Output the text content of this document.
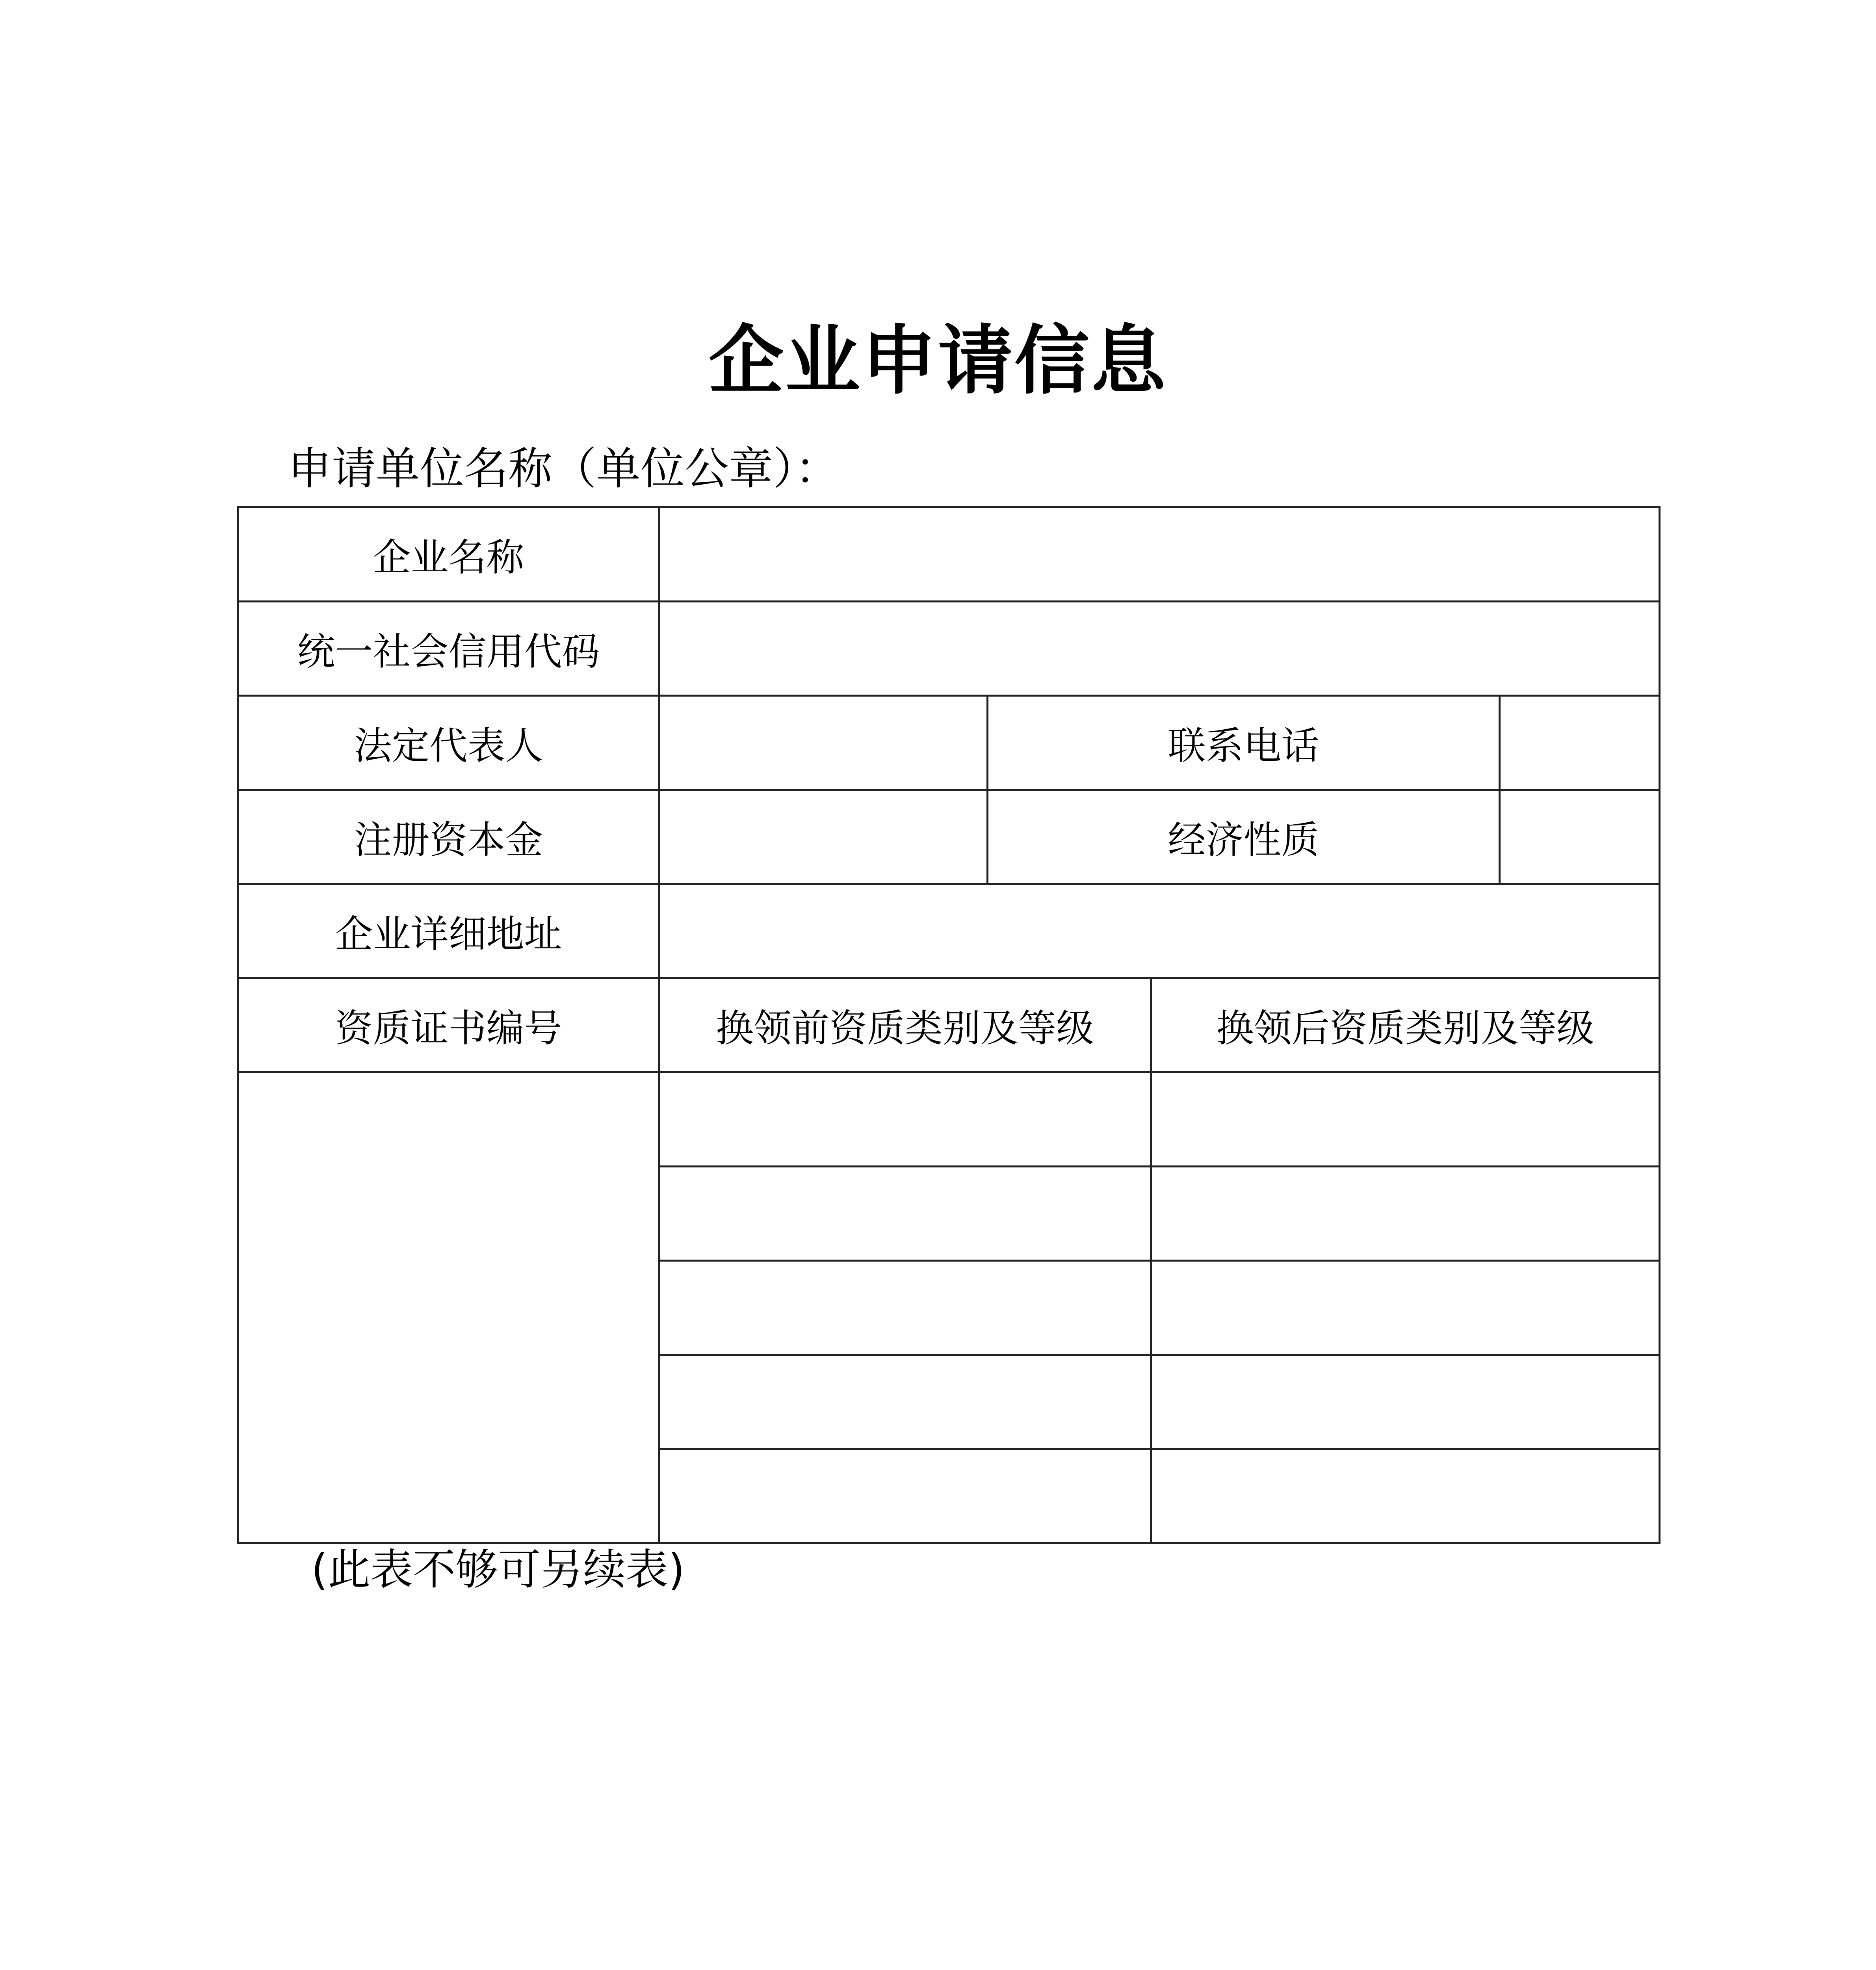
企业申请信息
申请单位名称（单位公章）：
企业名称				
统一社会信用代码				
法定代表人		联系电话		
注册资本金		经济性质		
企业详细地址				
资质证书编号	换领前资质类别及等级		换领后资质类别及等级	

(此表不够可另续表)
